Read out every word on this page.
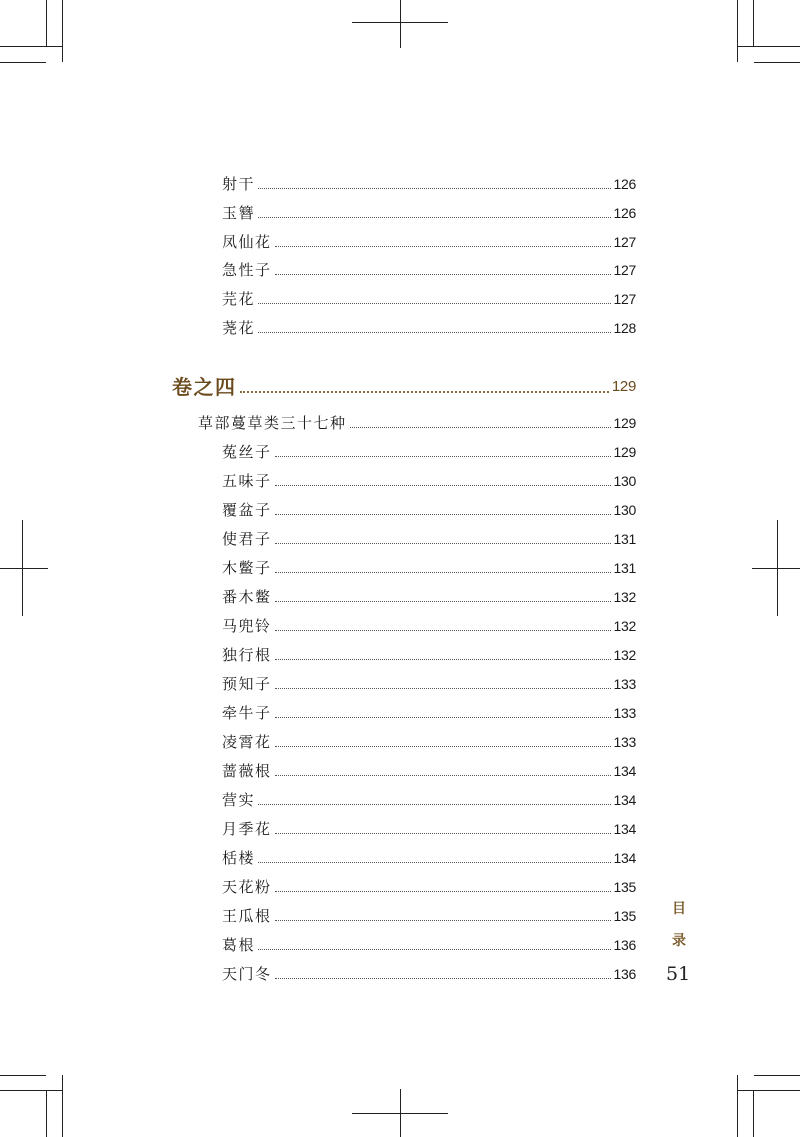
射干	126
玉簪	126
凤仙花	127
急性子	127
芫花	127
荛花	128
卷之四	129
草部蔓草类三十七种	129
菟丝子	129
五味子	130
覆盆子	130
使君子	131
木鳖子	131
番木鳖	132
马兜铃	132
独行根	132
预知子	133
牵牛子	133
凌霄花	133
蔷薇根	134
营实	134
月季花	134
栝楼	134
天花粉	135
王瓜根	135
葛根	136
天门冬	136
目
录
51
